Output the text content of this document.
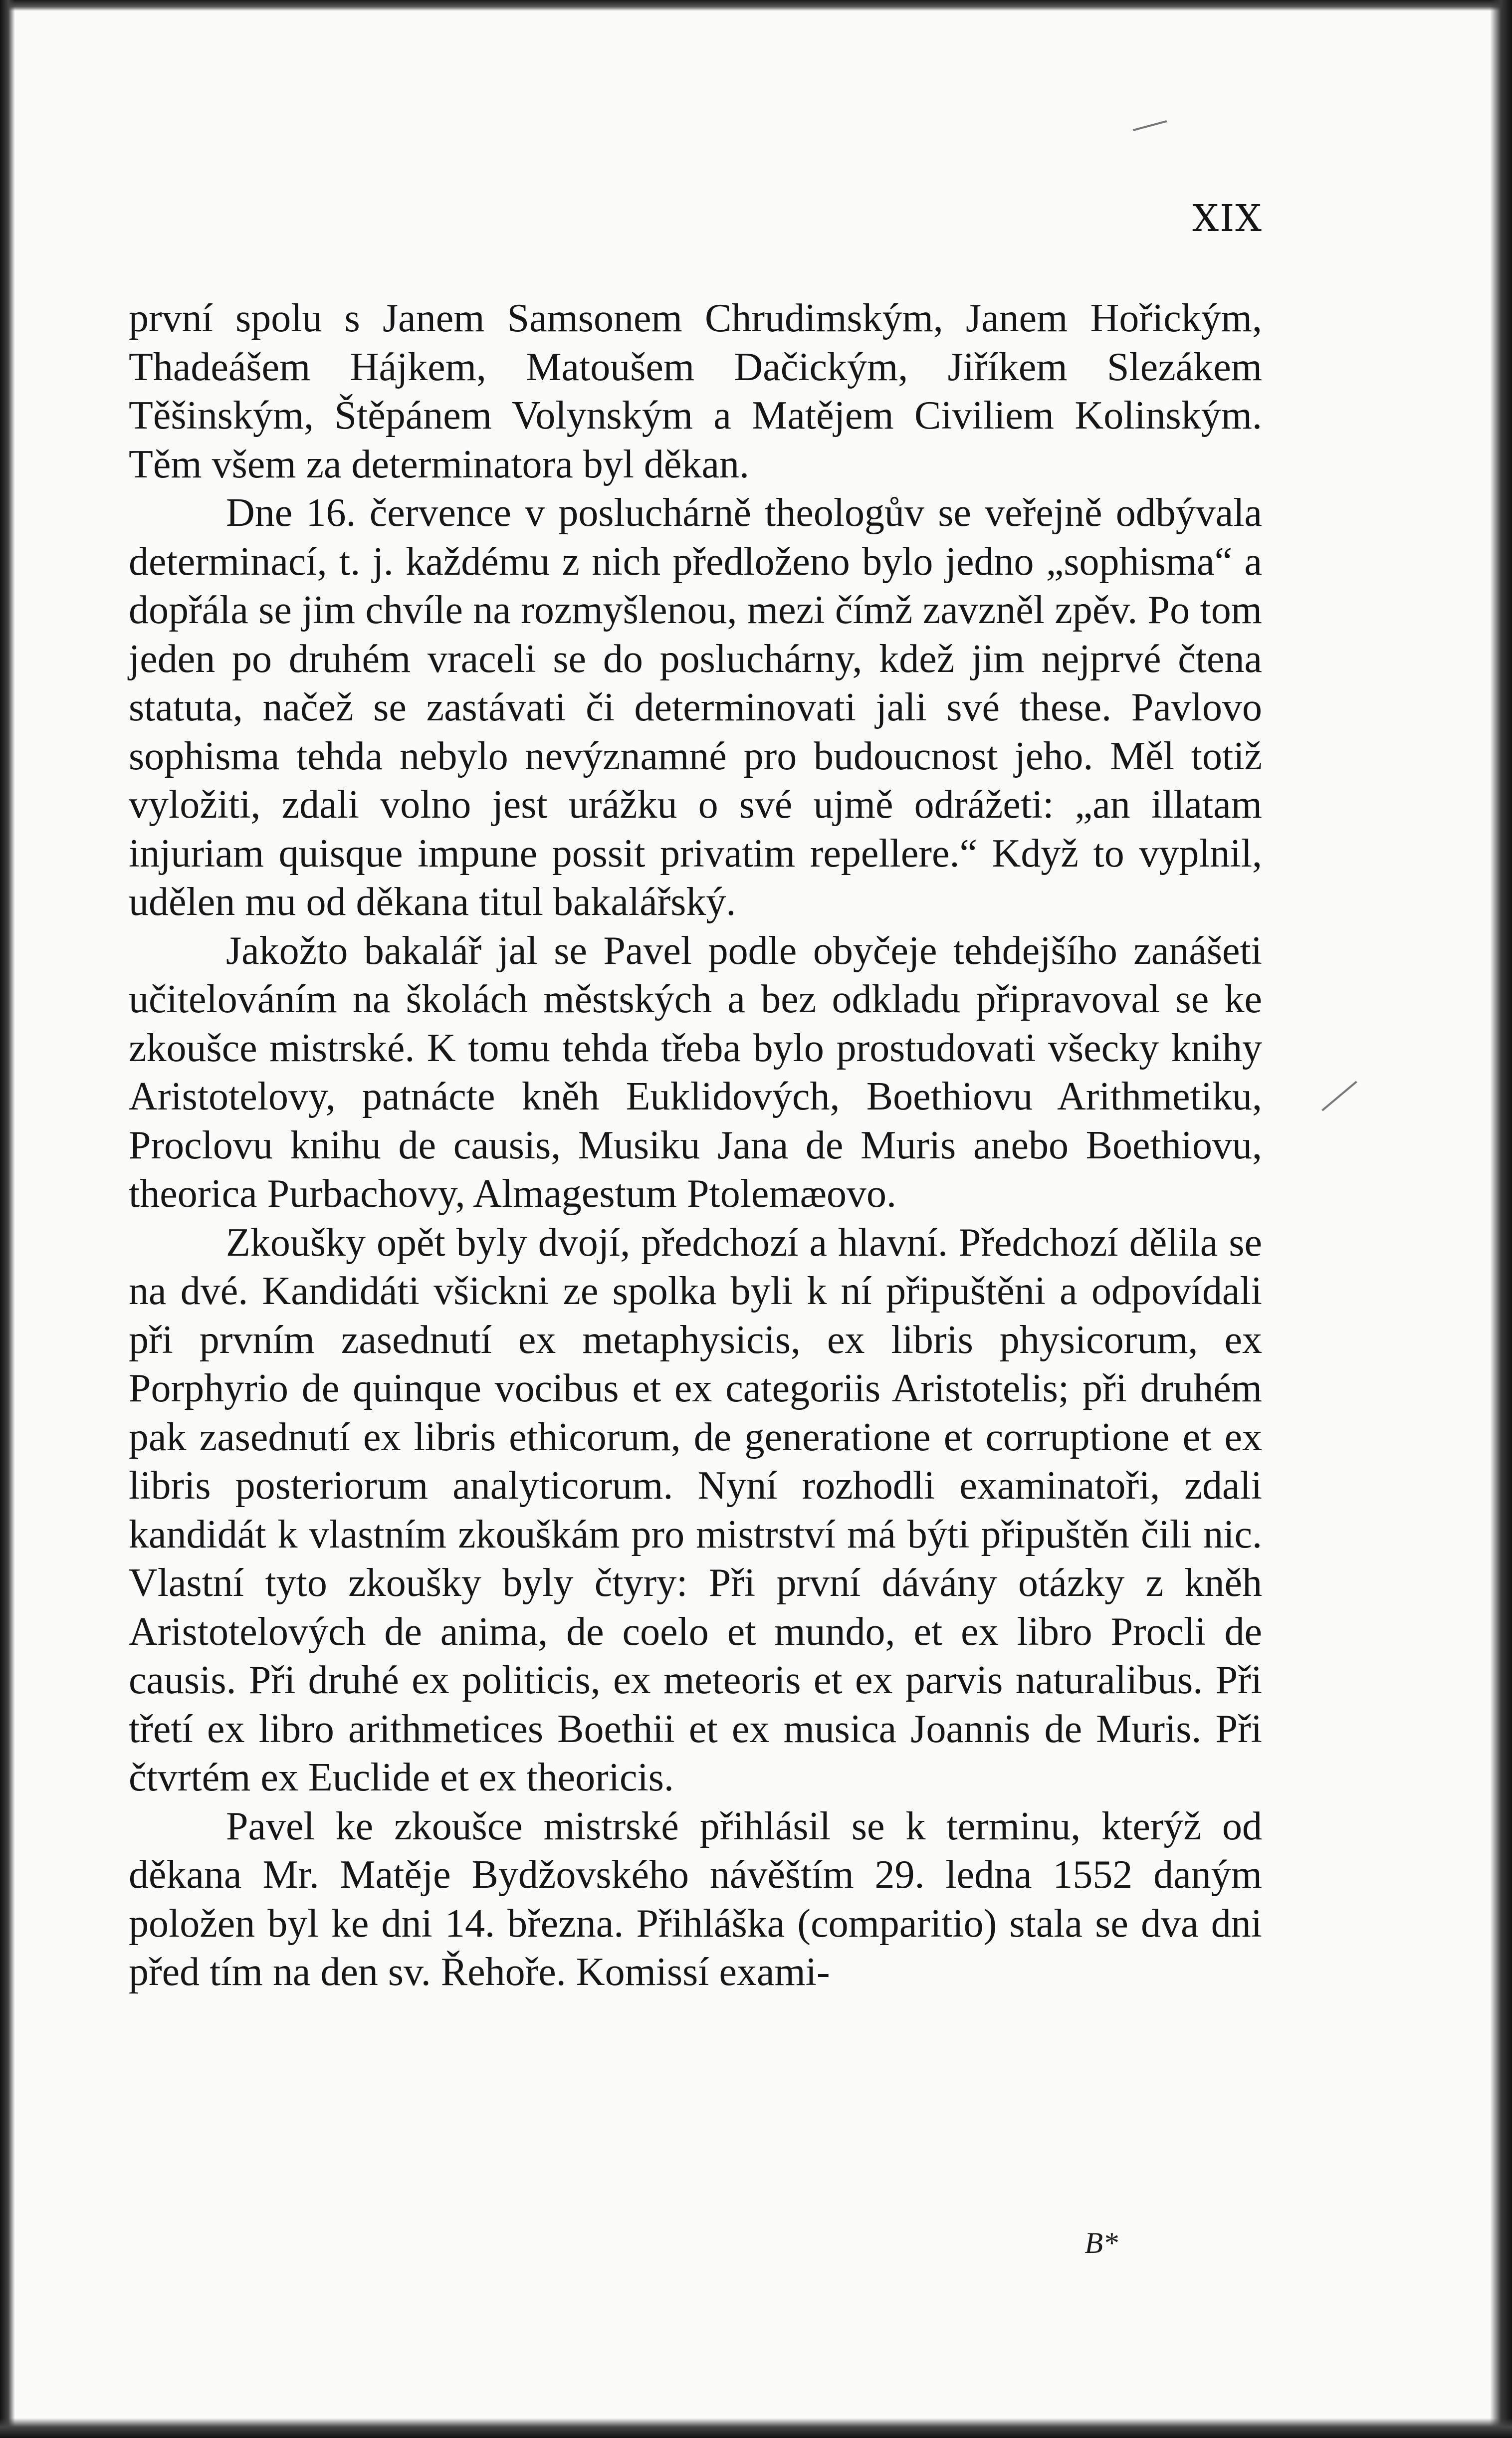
XIX

první spolu s Janem Samsonem Chrudimským, Janem Hořickým, Thadeášem Hájkem, Matoušem Dačickým, Jiříkem Slezákem Těšinským, Štěpánem Volynským a Matějem Civiliem Kolinským. Těm všem za determinatora byl děkan.

Dne 16. července v posluchárně theologův se veřejně odbývala determinací, t. j. každému z nich předloženo bylo jedno „sophisma“ a dopřála se jim chvíle na rozmyšlenou, mezi čímž zavzněl zpěv. Po tom jeden po druhém vraceli se do posluchárny, kdež jim nejprvé čtena statuta, načež se zastávati či determinovati jali své these. Pavlovo sophisma tehda nebylo nevýznamné pro budoucnost jeho. Měl totiž vyložiti, zdali volno jest urážku o své ujmě odrážeti: „an illatam injuriam quisque impune possit privatim repellere.“ Když to vyplnil, udělen mu od děkana titul bakalářský.

Jakožto bakalář jal se Pavel podle obyčeje tehdejšího zanášeti učitelováním na školách městských a bez odkladu připravoval se ke zkoušce mistrské. K tomu tehda třeba bylo prostudovati všecky knihy Aristotelovy, patnácte kněh Euklidových, Boethiovu Arithmetiku, Proclovu knihu de causis, Musiku Jana de Muris anebo Boethiovu, theorica Purbachovy, Almagestum Ptolemæovo.

Zkoušky opět byly dvojí, předchozí a hlavní. Předchozí dělila se na dvé. Kandidáti všickni ze spolka byli k ní připuštěni a odpovídali při prvním zasednutí ex metaphysicis, ex libris physicorum, ex Porphyrio de quinque vocibus et ex categoriis Aristotelis; při druhém pak zasednutí ex libris ethicorum, de generatione et corruptione et ex libris posteriorum analyticorum. Nyní rozhodli examinatoři, zdali kandidát k vlastním zkouškám pro mistrství má býti připuštěn čili nic. Vlastní tyto zkoušky byly čtyry: Při první dávány otázky z kněh Aristotelových de anima, de coelo et mundo, et ex libro Procli de causis. Při druhé ex politicis, ex meteoris et ex parvis naturalibus. Při třetí ex libro arithmetices Boethii et ex musica Joannis de Muris. Při čtvrtém ex Euclide et ex theoricis.

Pavel ke zkoušce mistrské přihlásil se k terminu, kterýž od děkana Mr. Matěje Bydžovského návěštím 29. ledna 1552 daným položen byl ke dni 14. března. Přihláška (comparitio) stala se dva dni před tím na den sv. Řehoře. Komissí exami-

B*
